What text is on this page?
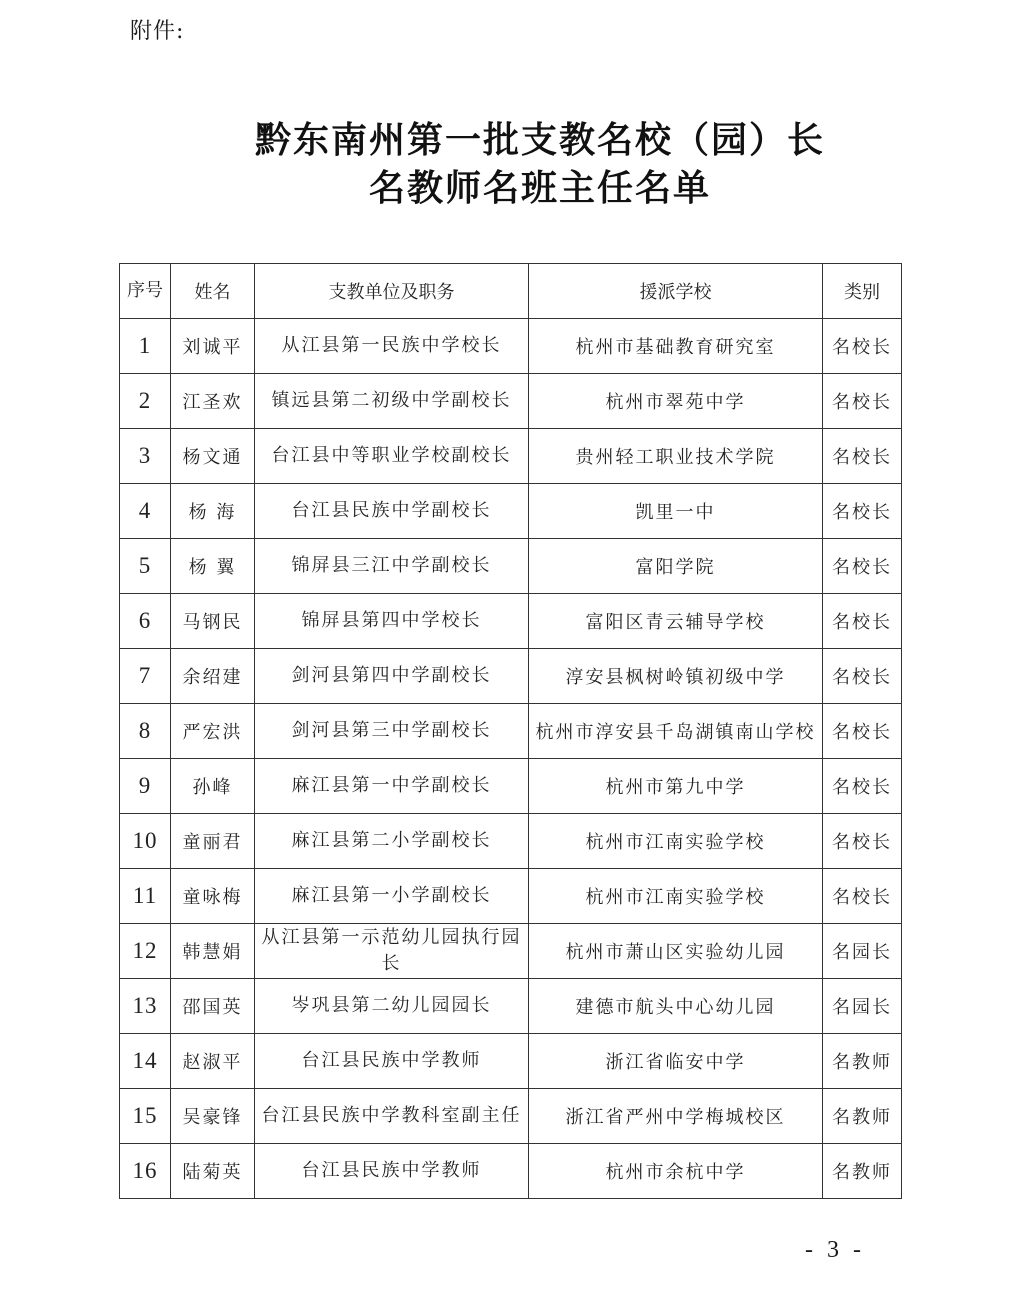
附件:
黔东南州第一批支教名校（园）长
名教师名班主任名单
序号	姓名	支教单位及职务	援派学校	类别
1	刘诚平	从江县第一民族中学校长	杭州市基础教育研究室	名校长
2	江圣欢	镇远县第二初级中学副校长	杭州市翠苑中学	名校长
3	杨文通	台江县中等职业学校副校长	贵州轻工职业技术学院	名校长
4	杨 海	台江县民族中学副校长	凯里一中	名校长
5	杨 翼	锦屏县三江中学副校长	富阳学院	名校长
6	马钢民	锦屏县第四中学校长	富阳区青云辅导学校	名校长
7	余绍建	剑河县第四中学副校长	淳安县枫树岭镇初级中学	名校长
8	严宏洪	剑河县第三中学副校长	杭州市淳安县千岛湖镇南山学校	名校长
9	孙峰	麻江县第一中学副校长	杭州市第九中学	名校长
10	童丽君	麻江县第二小学副校长	杭州市江南实验学校	名校长
11	童咏梅	麻江县第一小学副校长	杭州市江南实验学校	名校长
12	韩慧娟	从江县第一示范幼儿园执行园长	杭州市萧山区实验幼儿园	名园长
13	邵国英	岑巩县第二幼儿园园长	建德市航头中心幼儿园	名园长
14	赵淑平	台江县民族中学教师	浙江省临安中学	名教师
15	吴豪锋	台江县民族中学教科室副主任	浙江省严州中学梅城校区	名教师
16	陆菊英	台江县民族中学教师	杭州市余杭中学	名教师
- 3 -
